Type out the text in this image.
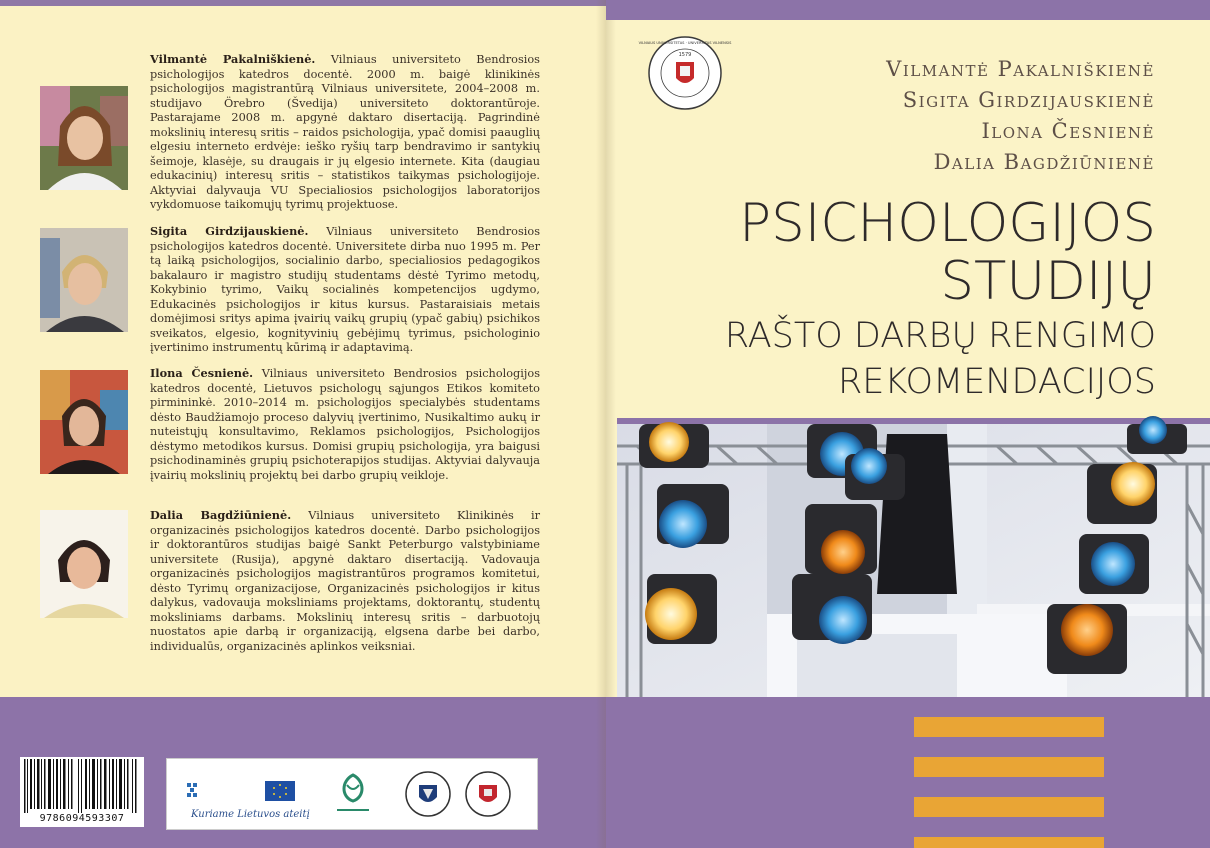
Vilmantė Pakalniškienė. Vilniaus universiteto Bendrosios psichologijos katedros docentė. 2000 m. baigė klinikinės psichologijos magistrantūrą Vilniaus universitete, 2004–2008 m. studijavo Örebro (Švedija) universiteto doktorantūroje. Pastarajame 2008 m. apgynė daktaro disertaciją. Pagrindinė mokslinių interesų sritis – raidos psichologija, ypač domisi paauglių elgesiu interneto erdvėje: ieško ryšių tarp bendravimo ir santykių šeimoje, klasėje, su draugais ir jų elgesio internete. Kita (daugiau edukacinių) interesų sritis – statistikos taikymas psichologijoje. Aktyviai dalyvauja VU Specialiosios psichologijos laboratorijos vykdomuose taikomųjų tyrimų projektuose.
Sigita Girdzijauskienė. Vilniaus universiteto Bendrosios psichologijos katedros docentė. Universitete dirba nuo 1995 m. Per tą laiką psichologijos, socialinio darbo, specialiosios pedagogikos bakalauro ir magistro studijų studentams dėstė Tyrimo metodų, Kokybinio tyrimo, Vaikų socialinės kompetencijos ugdymo, Edukacinės psichologijos ir kitus kursus. Pastaraisiais metais domėjimosi sritys apima įvairių vaikų grupių (ypač gabių) psichikos sveikatos, elgesio, kognityvinių gebėjimų tyrimus, psichologinio įvertinimo instrumentų kūrimą ir adaptavimą.
Ilona Česnienė. Vilniaus universiteto Bendrosios psichologijos katedros docentė, Lietuvos psichologų sąjungos Etikos komiteto pirmininkė. 2010–2014 m. psichologijos specialybės studentams dėsto Baudžiamojo proceso dalyvių įvertinimo, Nusikaltimo aukų ir nuteistųjų konsultavimo, Reklamos psichologijos, Psichologijos dėstymo metodikos kursus. Domisi grupių psichologija, yra baigusi psichodinaminės grupių psichoterapijos studijas. Aktyviai dalyvauja įvairių mokslinių projektų bei darbo grupių veikloje.
Dalia Bagdžiūnienė. Vilniaus universiteto Klinikinės ir organizacinės psichologijos katedros docentė. Darbo psichologijos ir doktorantūros studijas baigė Sankt Peterburgo valstybiniame universitete (Rusija), apgynė daktaro disertaciją. Vadovauja organizacinės psichologijos magistrantūros programos komitetui, dėsto Tyrimų organizacijose, Organizacinės psichologijos ir kitus dalykus, vadovauja moksliniams projektams, doktorantų, studentų moksliniams darbams. Mokslinių interesų sritis – darbuotojų nuostatos apie darbą ir organizaciją, elgsena darbe bei darbo, individualūs, organizacinės aplinkos veiksniai.
9786094593307	Kuriame Lietuvos ateitį
1579
VILNIAUS UNIVERSITETAS · UNIVERSITAS VILNENSIS
Vilmantė Pakalniškienė
Sigita Girdzijauskienė
Ilona Česnienė
Dalia Bagdžiūnienė
PSICHOLOGIJOS
STUDIJŲ
RAŠTO DARBŲ RENGIMO
REKOMENDACIJOS
